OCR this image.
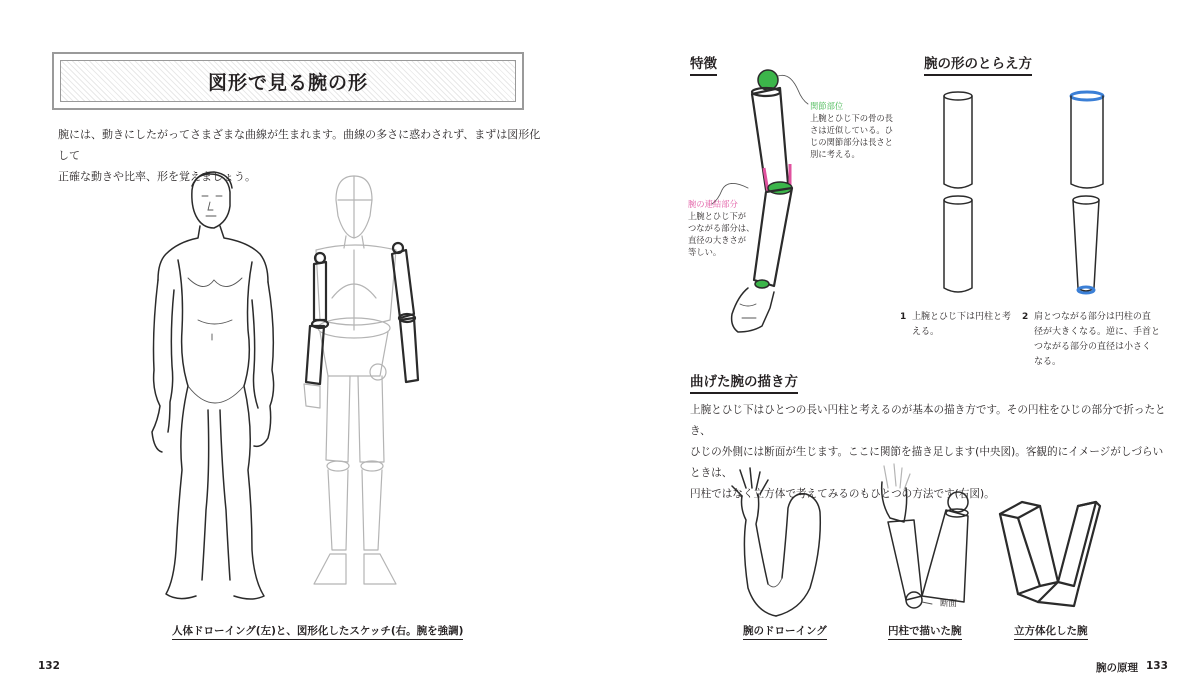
図形で見る腕の形
腕には、動きにしたがってさまざまな曲線が生まれます。曲線の多さに惑わされず、まずは図形化して
正確な動きや比率、形を覚えましょう。
人体ドローイング(左)と、図形化したスケッチ(右。腕を強調)
132
特徴
関節部位
上腕とひじ下の骨の長
さは近似している。ひ
じの関節部分は長さと
別に考える。
腕の連結部分
上腕とひじ下が
つながる部分は、
直径の大きさが
等しい。
腕の形のとらえ方
1 上腕とひじ下は円柱と考
える。
2 肩とつながる部分は円柱の直
径が大きくなる。逆に、手首と
つながる部分の直径は小さく
なる。
曲げた腕の描き方
上腕とひじ下はひとつの長い円柱と考えるのが基本の描き方です。その円柱をひじの部分で折ったとき、
ひじの外側には断面が生じます。ここに関節を描き足します(中央図)。客観的にイメージがしづらいときは、
円柱ではなく立方体で考えてみるのもひとつの方法です(右図)。
断面
腕のドローイング	円柱で描いた腕	立方体化した腕
腕の原理 133
